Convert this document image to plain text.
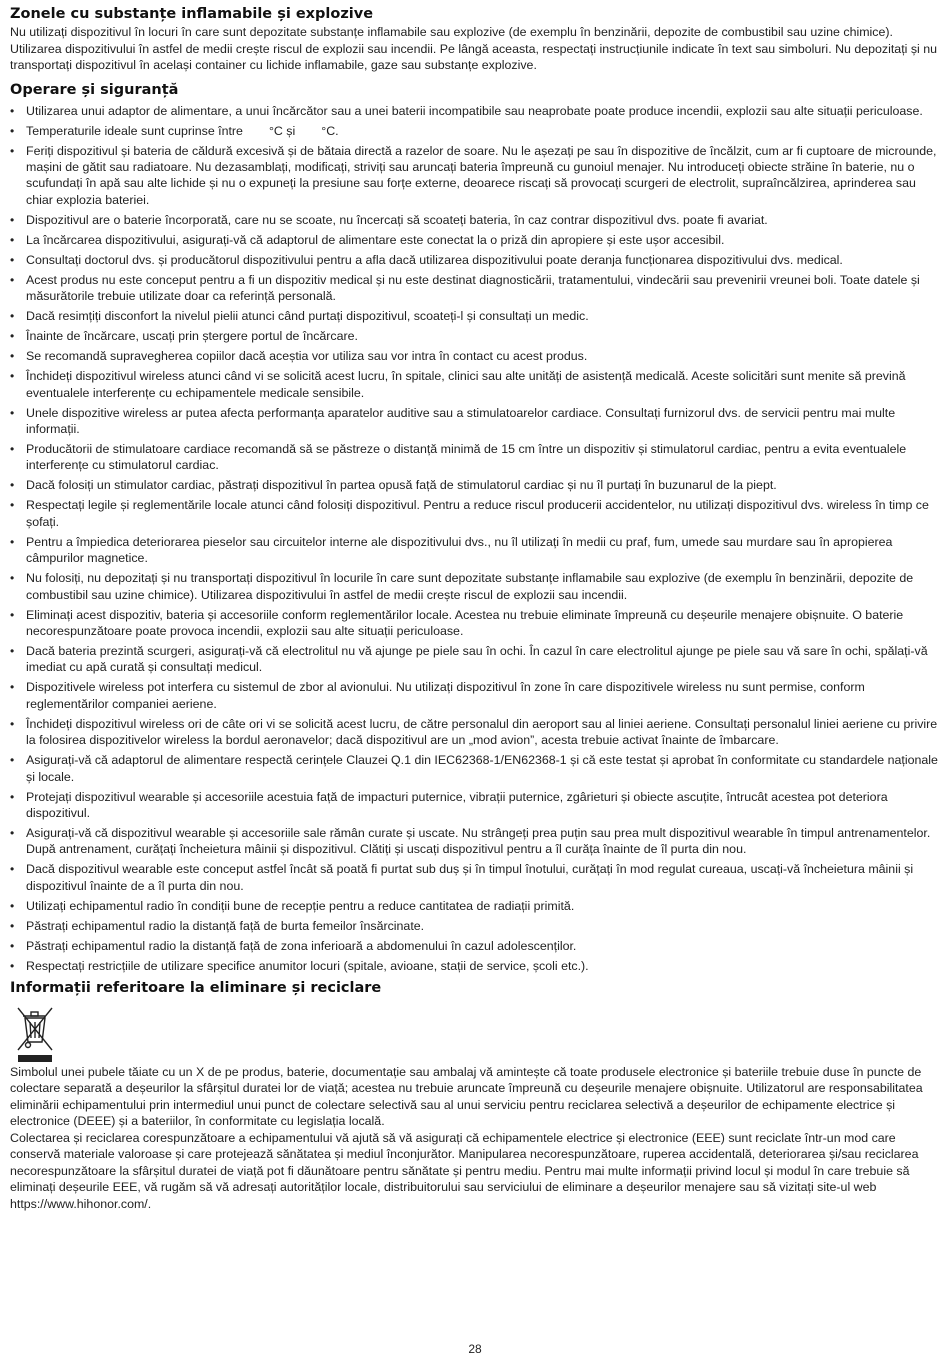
Zonele cu substanțe inflamabile și explozive

Nu utilizați dispozitivul în locuri în care sunt depozitate substanțe inflamabile sau explozive (de exemplu în benzinării, depozite de combustibil sau uzine chimice). Utilizarea dispozitivului în astfel de medii crește riscul de explozii sau incendii. Pe lângă aceasta, respectați instrucțiunile indicate în text sau simboluri. Nu depozitați și nu transportați dispozitivul în același container cu lichide inflamabile, gaze sau substanțe explozive.

Operare și siguranță
• Utilizarea unui adaptor de alimentare, a unui încărcător sau a unei baterii incompatibile sau neaprobate poate produce incendii, explozii sau alte situații periculoase.
• Temperaturile ideale sunt cuprinse între °C și °C.
• Feriți dispozitivul și bateria de căldură excesivă și de bătaia directă a razelor de soare. Nu le așezați pe sau în dispozitive de încălzit, cum ar fi cuptoare de microunde, mașini de gătit sau radiatoare. Nu dezasamblați, modificați, striviți sau aruncați bateria împreună cu gunoiul menajer. Nu introduceți obiecte străine în baterie, nu o scufundați în apă sau alte lichide și nu o expuneți la presiune sau forțe externe, deoarece riscați să provocați scurgeri de electrolit, supraîncălzirea, aprinderea sau chiar explozia bateriei.
• Dispozitivul are o baterie încorporată, care nu se scoate, nu încercați să scoateți bateria, în caz contrar dispozitivul dvs. poate fi avariat.
• La încărcarea dispozitivului, asigurați-vă că adaptorul de alimentare este conectat la o priză din apropiere și este ușor accesibil.
• Consultați doctorul dvs. și producătorul dispozitivului pentru a afla dacă utilizarea dispozitivului poate deranja funcționarea dispozitivului dvs. medical.
• Acest produs nu este conceput pentru a fi un dispozitiv medical și nu este destinat diagnosticării, tratamentului, vindecării sau prevenirii vreunei boli. Toate datele și măsurătorile trebuie utilizate doar ca referință personală.
• Dacă resimțiți disconfort la nivelul pielii atunci când purtați dispozitivul, scoateți-l și consultați un medic.
• Înainte de încărcare, uscați prin ștergere portul de încărcare.
• Se recomandă supravegherea copiilor dacă aceștia vor utiliza sau vor intra în contact cu acest produs.
• Închideți dispozitivul wireless atunci când vi se solicită acest lucru, în spitale, clinici sau alte unități de asistență medicală. Aceste solicitări sunt menite să prevină eventualele interferențe cu echipamentele medicale sensibile.
• Unele dispozitive wireless ar putea afecta performanța aparatelor auditive sau a stimulatoarelor cardiace. Consultați furnizorul dvs. de servicii pentru mai multe informații.
• Producătorii de stimulatoare cardiace recomandă să se păstreze o distanță minimă de 15 cm între un dispozitiv și stimulatorul cardiac, pentru a evita eventualele interferențe cu stimulatorul cardiac.
• Dacă folosiți un stimulator cardiac, păstrați dispozitivul în partea opusă față de stimulatorul cardiac și nu îl purtați în buzunarul de la piept.
• Respectați legile și reglementările locale atunci când folosiți dispozitivul. Pentru a reduce riscul producerii accidentelor, nu utilizați dispozitivul dvs. wireless în timp ce șofați.
• Pentru a împiedica deteriorarea pieselor sau circuitelor interne ale dispozitivului dvs., nu îl utilizați în medii cu praf, fum, umede sau murdare sau în apropierea câmpurilor magnetice.
• Nu folosiți, nu depozitați și nu transportați dispozitivul în locurile în care sunt depozitate substanțe inflamabile sau explozive (de exemplu în benzinării, depozite de combustibil sau uzine chimice). Utilizarea dispozitivului în astfel de medii crește riscul de explozii sau incendii.
• Eliminați acest dispozitiv, bateria și accesoriile conform reglementărilor locale. Acestea nu trebuie eliminate împreună cu deșeurile menajere obișnuite. O baterie necorespunzătoare poate provoca incendii, explozii sau alte situații periculoase.
• Dacă bateria prezintă scurgeri, asigurați-vă că electrolitul nu vă ajunge pe piele sau în ochi. În cazul în care electrolitul ajunge pe piele sau vă sare în ochi, spălați-vă imediat cu apă curată și consultați medicul.
• Dispozitivele wireless pot interfera cu sistemul de zbor al avionului. Nu utilizați dispozitivul în zone în care dispozitivele wireless nu sunt permise, conform reglementărilor companiei aeriene.
• Închideți dispozitivul wireless ori de câte ori vi se solicită acest lucru, de către personalul din aeroport sau al liniei aeriene. Consultați personalul liniei aeriene cu privire la folosirea dispozitivelor wireless la bordul aeronavelor; dacă dispozitivul are un „mod avion”, acesta trebuie activat înainte de îmbarcare.
• Asigurați-vă că adaptorul de alimentare respectă cerințele Clauzei Q.1 din IEC62368-1/EN62368-1 și că este testat și aprobat în conformitate cu standardele naționale și locale.
• Protejați dispozitivul wearable și accesoriile acestuia față de impacturi puternice, vibrații puternice, zgârieturi și obiecte ascuțite, întrucât acestea pot deteriora dispozitivul.
• Asigurați-vă că dispozitivul wearable și accesoriile sale rămân curate și uscate. Nu strângeți prea puțin sau prea mult dispozitivul wearable în timpul antrenamentelor. După antrenament, curățați încheietura mâinii și dispozitivul. Clătiți și uscați dispozitivul pentru a îl curăța înainte de îl purta din nou.
• Dacă dispozitivul wearable este conceput astfel încât să poată fi purtat sub duș și în timpul înotului, curățați în mod regulat cureaua, uscați-vă încheietura mâinii și dispozitivul înainte de a îl purta din nou.
• Utilizați echipamentul radio în condiții bune de recepție pentru a reduce cantitatea de radiații primită.
• Păstrați echipamentul radio la distanță față de burta femeilor însărcinate.
• Păstrați echipamentul radio la distanță față de zona inferioară a abdomenului în cazul adolescenților.
• Respectați restricțiile de utilizare specifice anumitor locuri (spitale, avioane, stații de service, școli etc.).
Informații referitoare la eliminare și reciclare

Simbolul unei pubele tăiate cu un X de pe produs, baterie, documentație sau ambalaj vă amintește că toate produsele electronice și bateriile trebuie duse în puncte de colectare separată a deșeurilor la sfârșitul duratei lor de viață; acestea nu trebuie aruncate împreună cu deșeurile menajere obișnuite. Utilizatorul are responsabilitatea eliminării echipamentului prin intermediul unui punct de colectare selectivă sau al unui serviciu pentru reciclarea selectivă a deșeurilor de echipamente electrice și electronice (DEEE) și a bateriilor, în conformitate cu legislația locală.

Colectarea și reciclarea corespunzătoare a echipamentului vă ajută să vă asigurați că echipamentele electrice și electronice (EEE) sunt reciclate într-un mod care conservă materiale valoroase și care protejează sănătatea și mediul înconjurător. Manipularea necorespunzătoare, ruperea accidentală, deteriorarea și/sau reciclarea necorespunzătoare la sfârșitul duratei de viață pot fi dăunătoare pentru sănătate și pentru mediu. Pentru mai multe informații privind locul și modul în care trebuie să eliminați deșeurile EEE, vă rugăm să vă adresați autorităților locale, distribuitorului sau serviciului de eliminare a deșeurilor menajere sau să vizitați site-ul web https://www.hihonor.com/.

28
